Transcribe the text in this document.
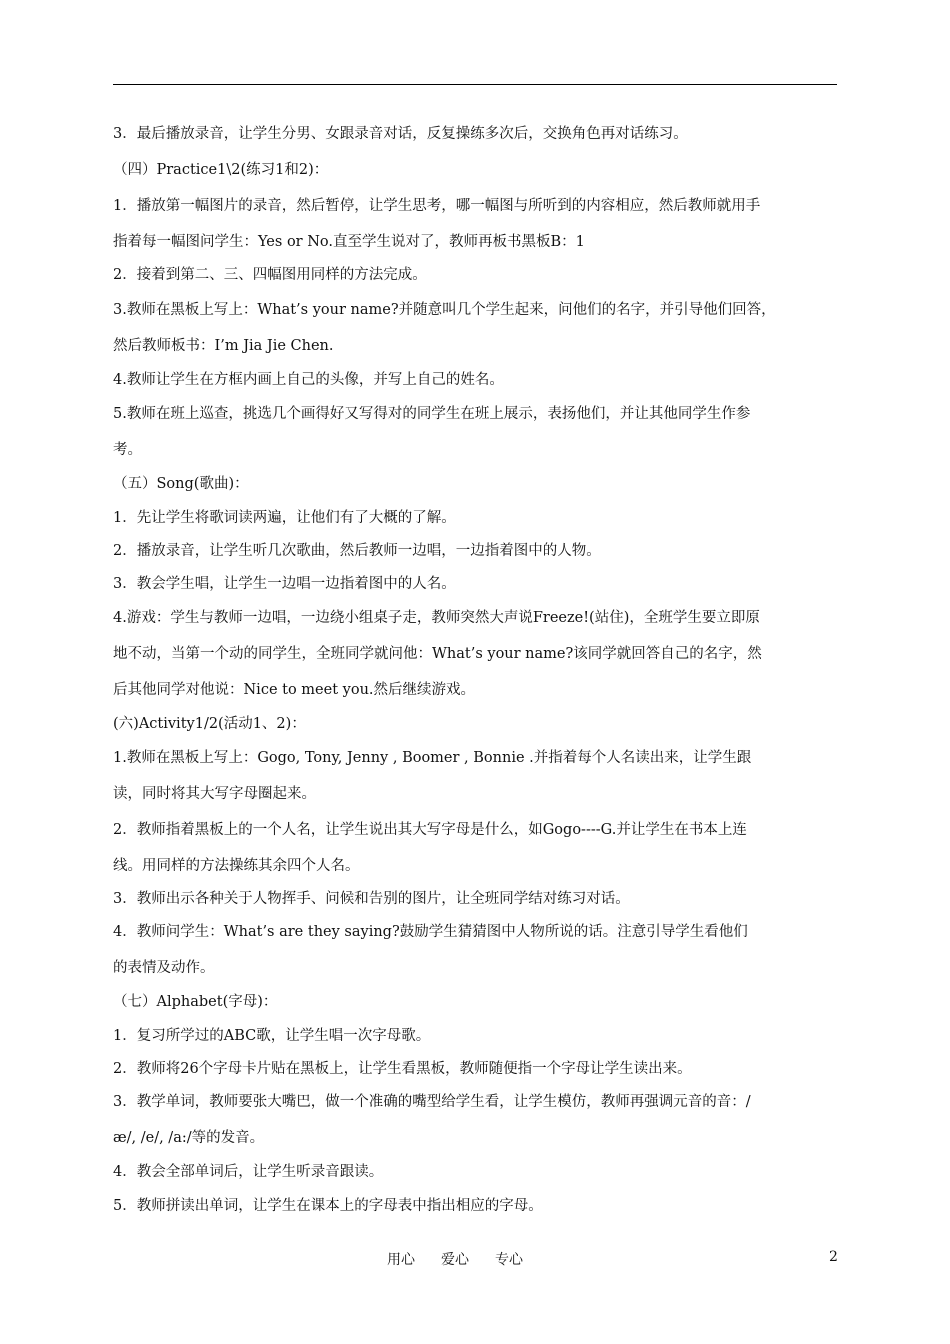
3．最后播放录音，让学生分男、女跟录音对话，反复操练多次后，交换角色再对话练习。
（四）Practice1\2(练习1和2)：
1．播放第一幅图片的录音，然后暂停，让学生思考，哪一幅图与所听到的内容相应，然后教师就用手
指着每一幅图问学生：Yes or No.直至学生说对了，教师再板书黑板B：1
2．接着到第二、三、四幅图用同样的方法完成。
3.教师在黑板上写上：What’s your name?并随意叫几个学生起来，问他们的名字，并引导他们回答，
然后教师板书：I’m Jia Jie Chen.
4.教师让学生在方框内画上自己的头像，并写上自己的姓名。
5.教师在班上巡查，挑选几个画得好又写得对的同学生在班上展示，表扬他们，并让其他同学生作参
考。
（五）Song(歌曲)：
1．先让学生将歌词读两遍，让他们有了大概的了解。
2．播放录音，让学生听几次歌曲，然后教师一边唱，一边指着图中的人物。
3．教会学生唱，让学生一边唱一边指着图中的人名。
4.游戏：学生与教师一边唱，一边绕小组桌子走，教师突然大声说Freeze!(站住)，全班学生要立即原
地不动，当第一个动的同学生，全班同学就问他：What’s your name?该同学就回答自己的名字，然
后其他同学对他说：Nice to meet you.然后继续游戏。
(六)Activity1/2(活动1、2)：
1.教师在黑板上写上：Gogo, Tony, Jenny , Boomer , Bonnie .并指着每个人名读出来，让学生跟
读，同时将其大写字母圈起来。
2．教师指着黑板上的一个人名，让学生说出其大写字母是什么，如Gogo----G.并让学生在书本上连
线。用同样的方法操练其余四个人名。
3．教师出示各种关于人物挥手、问候和告别的图片，让全班同学结对练习对话。
4．教师问学生：What’s are they saying?鼓励学生猜猜图中人物所说的话。注意引导学生看他们
的表情及动作。
（七）Alphabet(字母)：
1．复习所学过的ABC歌，让学生唱一次字母歌。
2．教师将26个字母卡片贴在黑板上，让学生看黑板，教师随便指一个字母让学生读出来。
3．教学单词，教师要张大嘴巴，做一个准确的嘴型给学生看，让学生模仿，教师再强调元音的音：/
æ/, /e/, /a:/等的发音。
4．教会全部单词后，让学生听录音跟读。
5．教师拼读出单词，让学生在课本上的字母表中指出相应的字母。
用心 爱心 专心	2
